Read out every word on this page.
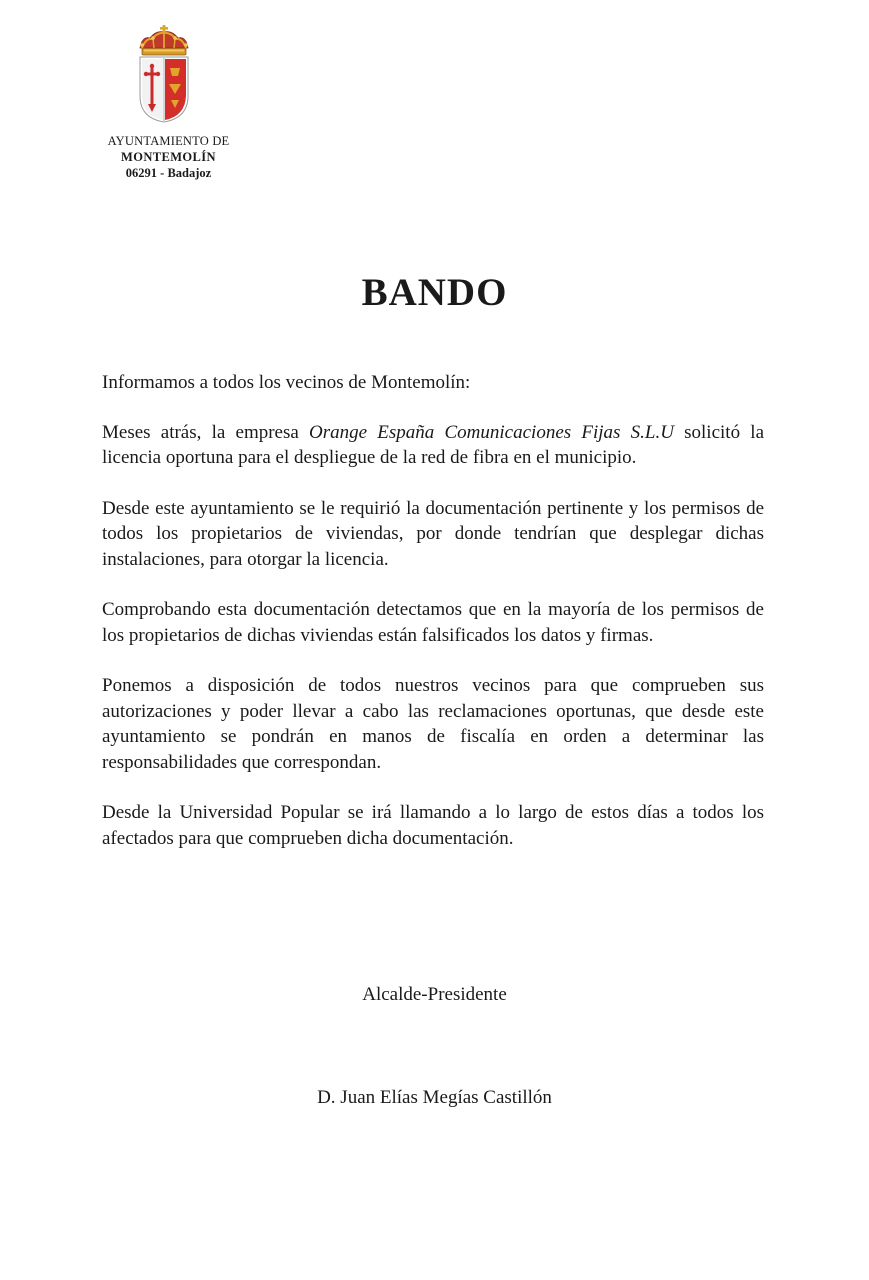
AYUNTAMIENTO DE
MONTEMOLÍN
06291 - Badajoz
BANDO

Informamos a todos los vecinos de Montemolín:

Meses atrás, la empresa Orange España Comunicaciones Fijas S.L.U solicitó la licencia oportuna para el despliegue de la red de fibra en el municipio.

Desde este ayuntamiento se le requirió la documentación pertinente y los permisos de todos los propietarios de viviendas, por donde tendrían que desplegar dichas instalaciones, para otorgar la licencia.

Comprobando esta documentación detectamos que en la mayoría de los permisos de los propietarios de dichas viviendas están falsificados los datos y firmas.

Ponemos a disposición de todos nuestros vecinos para que comprueben sus autorizaciones y poder llevar a cabo las reclamaciones oportunas, que desde este ayuntamiento se pondrán en manos de fiscalía en orden a determinar las responsabilidades que correspondan.

Desde la Universidad Popular se irá llamando a lo largo de estos días a todos los afectados para que comprueben dicha documentación.

Alcalde-Presidente
D. Juan Elías Megías Castillón
